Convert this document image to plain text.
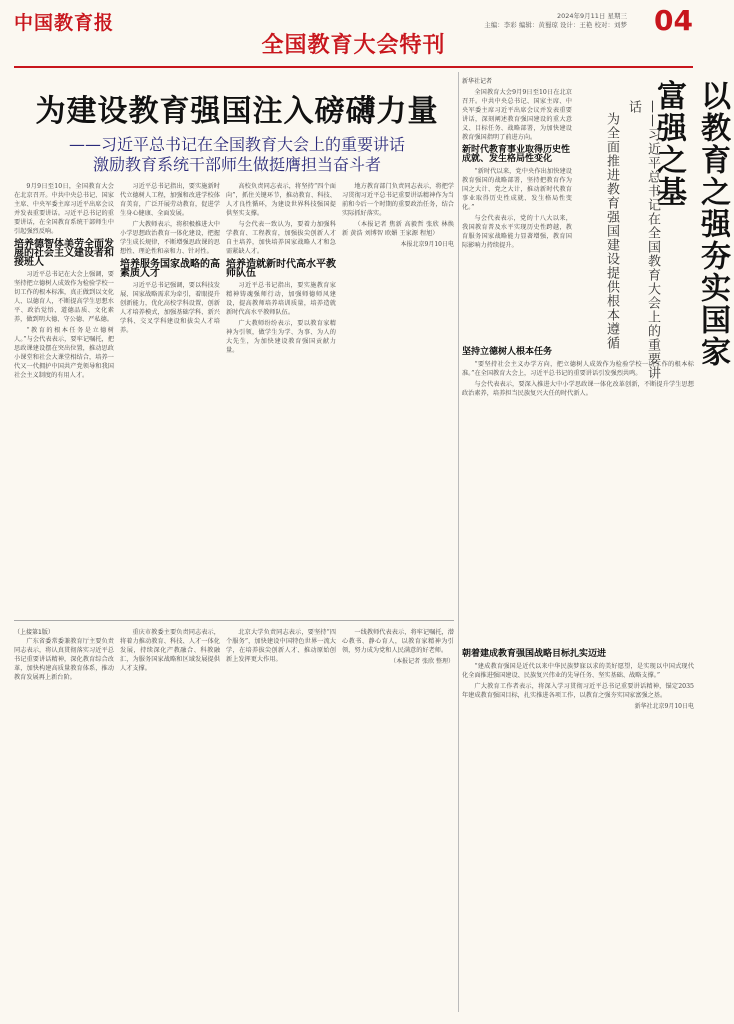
中国教育报	2024年9月11日 星期三
主编：李彩 编辑：黄蜀琼 设计：王艳 校对：刘梦 04
全国教育大会特刊
为建设教育强国注入磅礴力量
——习近平总书记在全国教育大会上的重要讲话
激励教育系统干部师生做挺膺担当奋斗者

9月9日至10日，全国教育大会在北京召开。中共中央总书记、国家主席、中央军委主席习近平出席会议并发表重要讲话。习近平总书记的重要讲话，在全国教育系统干部师生中引起强烈反响。

培养德智体美劳全面发展的社会主义建设者和接班人

习近平总书记在大会上强调，要坚持把立德树人成效作为检验学校一切工作的根本标准，真正做到以文化人、以德育人，不断提高学生思想水平、政治觉悟、道德品质、文化素养，做到明大德、守公德、严私德。

“教育的根本任务是立德树人。”与会代表表示，要牢记嘱托，把思政课建设摆在突出位置，推动思政小课堂和社会大课堂相结合，培养一代又一代拥护中国共产党领导和我国社会主义制度的有用人才。

习近平总书记指出，要实施新时代立德树人工程，加强和改进学校体育美育，广泛开展劳动教育，促进学生身心健康、全面发展。

广大教师表示，将积极推进大中小学思想政治教育一体化建设，把握学生成长规律，不断增强思政课的思想性、理论性和亲和力、针对性。

培养服务国家战略的高素质人才

习近平总书记强调，要以科技发展、国家战略需求为牵引，着眼提升创新能力，优化高校学科设置，创新人才培养模式，加强基础学科、新兴学科、交叉学科建设和拔尖人才培养。

高校负责同志表示，将坚持“四个面向”，抓住关键环节，推动教育、科技、人才良性循环，为建设世界科技强国提供坚实支撑。

与会代表一致认为，要着力加强科学教育、工程教育，加强拔尖创新人才自主培养，加快培养国家战略人才和急需紧缺人才。

培养造就新时代高水平教师队伍

习近平总书记指出，要实施教育家精神铸魂强师行动，加强师德师风建设，提高教师培养培训质量，培养造就新时代高水平教师队伍。

广大教师纷纷表示，要以教育家精神为引领，做学生为学、为事、为人的大先生，为加快建设教育强国贡献力量。

地方教育部门负责同志表示，将把学习贯彻习近平总书记重要讲话精神作为当前和今后一个时期的重要政治任务，结合实际抓好落实。

（本报记者 焦新 高毅哲 张欣 林焕新 黄浩 刘博智 欧媚 王家源 程旭）

本报北京9月10日电
（上接第1版）

广东省委常委兼教育厅主要负责同志表示，将认真贯彻落实习近平总书记重要讲话精神，深化教育综合改革，加快构建高质量教育体系，推动教育发展再上新台阶。

重庆市教委主要负责同志表示，将着力推动教育、科技、人才一体化发展，持续深化产教融合、科教融汇，为服务国家战略和区域发展提供人才支撑。

北京大学负责同志表示，要坚持“四个服务”，加快建设中国特色世界一流大学，在培养拔尖创新人才、推动原始创新上发挥更大作用。

一线教师代表表示，将牢记嘱托，潜心教书、静心育人，以教育家精神为引领，努力成为党和人民满意的好老师。

（本报记者 张欣 整理）
新华社记者

全国教育大会9月9日至10日在北京召开。中共中央总书记、国家主席、中央军委主席习近平出席会议并发表重要讲话，深刻阐述教育强国建设的重大意义、目标任务、战略部署，为加快建设教育强国指明了前进方向。

新时代教育事业取得历史性成就、发生格局性变化

“新时代以来，党中央作出加快建设教育强国的战略部署，坚持把教育作为国之大计、党之大计，推动新时代教育事业取得历史性成就、发生格局性变化。”

与会代表表示，党的十八大以来，我国教育普及水平实现历史性跨越，教育服务国家战略能力显著增强，教育国际影响力持续提升。	以教育之强夯实国家富强之基
——习近平总书记在全国教育大会上的重要讲话
为全面推进教育强国建设提供根本遵循
坚持立德树人根本任务

“要坚持社会主义办学方向，把立德树人成效作为检验学校一切工作的根本标准。”在全国教育大会上，习近平总书记的重要讲话引发强烈共鸣。

与会代表表示，要深入推进大中小学思政课一体化改革创新，不断提升学生思想政治素养，培养担当民族复兴大任的时代新人。

朝着建成教育强国战略目标扎实迈进

“建成教育强国是近代以来中华民族梦寐以求的美好愿望，是实现以中国式现代化全面推进强国建设、民族复兴伟业的先导任务、坚实基础、战略支撑。”

广大教育工作者表示，将深入学习贯彻习近平总书记重要讲话精神，锚定2035年建成教育强国目标，扎实推进各项工作，以教育之强夯实国家富强之基。

新华社北京9月10日电
